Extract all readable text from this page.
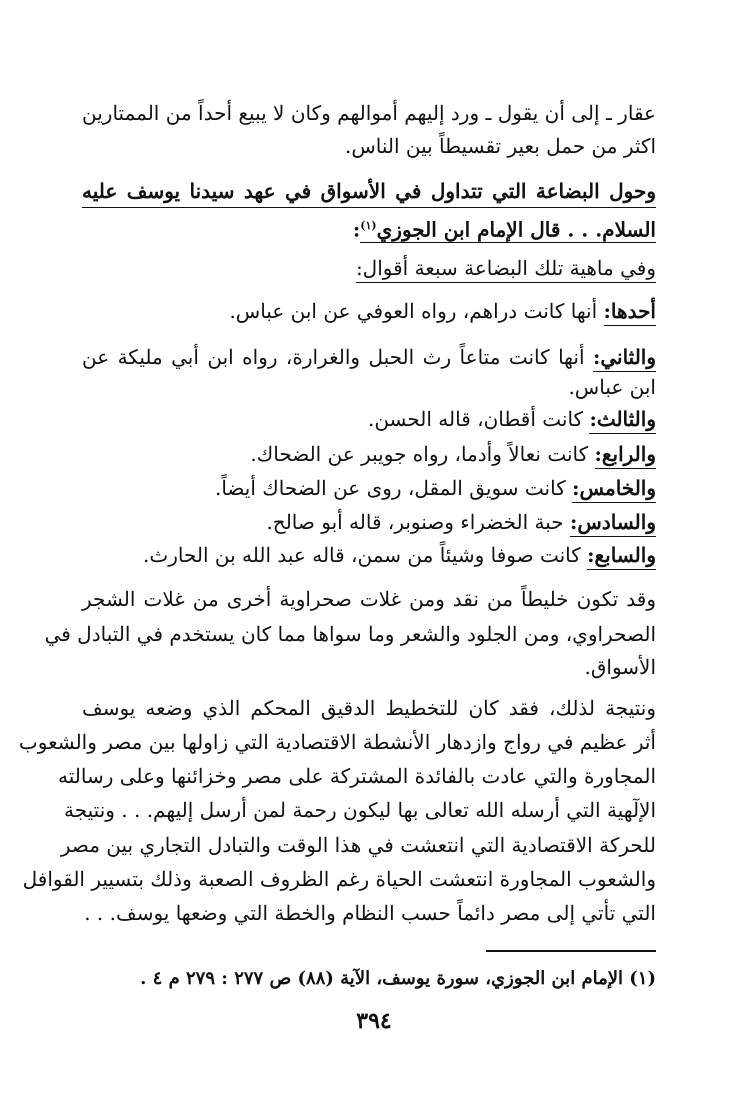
عقار ـ إلى أن يقول ـ ورد إليهم أموالهم وكان لا يبيع أحداً من الممتارين
اكثر من حمل بعير تقسيطاً بين الناس.
وحول البضاعة التي تتداول في الأسواق في عهد سيدنا يوسف عليه
السلام. . . قال الإمام ابن الجوزي$^{(١)}$:
وفي ماهية تلك البضاعة سبعة أقوال:
أحدها: أنها كانت دراهم، رواه العوفي عن ابن عباس.
والثاني: أنها كانت متاعاً رث الحبل والغرارة، رواه ابن أبي مليكة عن
ابن عباس.
والثالث: كانت أقطان، قاله الحسن.
والرابع: كانت نعالاً وأدما، رواه جويبر عن الضحاك.
والخامس: كانت سويق المقل، روى عن الضحاك أيضاً.
والسادس: حبة الخضراء وصنوبر، قاله أبو صالح.
والسابع: كانت صوفا وشيئاً من سمن، قاله عبد الله بن الحارث.
وقد تكون خليطاً من نقد ومن غلات صحراوية أخرى من غلات الشجر
الصحراوي، ومن الجلود والشعر وما سواها مما كان يستخدم في التبادل في
الأسواق.
ونتيجة لذلك، فقد كان للتخطيط الدقيق المحكم الذي وضعه يوسف
أثر عظيم في رواج وازدهار الأنشطة الاقتصادية التي زاولها بين مصر والشعوب
المجاورة والتي عادت بالفائدة المشتركة على مصر وخزائنها وعلى رسالته
الإلٓهية التي أرسله الله تعالى بها ليكون رحمة لمن أرسل إليهم. . . ونتيجة
للحركة الاقتصادية التي انتعشت في هذا الوقت والتبادل التجاري بين مصر
والشعوب المجاورة انتعشت الحياة رغم الظروف الصعبة وذلك بتسيير القوافل
التي تأتي إلى مصر دائماً حسب النظام والخطة التي وضعها يوسف. . .
(١) الإمام ابن الجوزي، سورة يوسف، الآية (٨٨) ص ٢٧٧ : ٢٧٩ م ٤ .
٣٩٤
